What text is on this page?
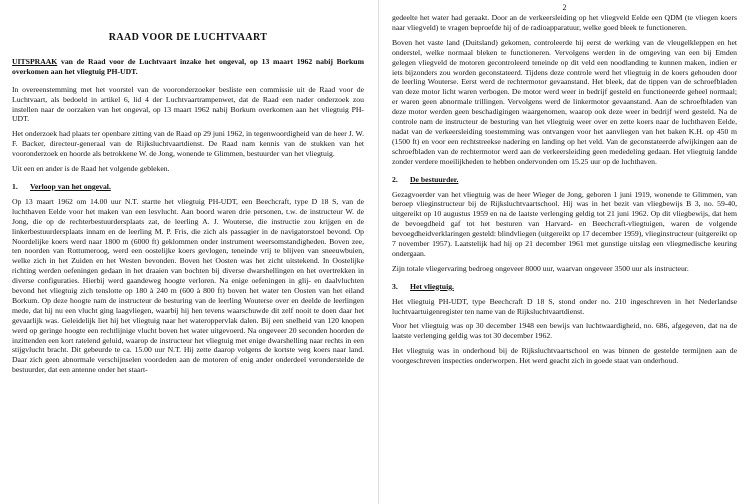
RAAD VOOR DE LUCHTVAART

UITSPRAAK van de Raad voor de Luchtvaart inzake het ongeval, op 13 maart 1962 nabij Borkum overkomen aan het vliegtuig PH-UDT.

In overeenstemming met het voorstel van de vooronderzoeker besliste een commissie uit de Raad voor de Luchtvaart, als bedoeld in artikel 6, lid 4 der Luchtvaartrampenwet, dat de Raad een nader onderzoek zou instellen naar de oorzaken van het ongeval, op 13 maart 1962 nabij Borkum overkomen aan het vliegtuig PH-UDT.

Het onderzoek had plaats ter openbare zitting van de Raad op 29 juni 1962, in tegenwoordigheid van de heer J. W. F. Backer, directeur-generaal van de Rijksluchtvaartdienst. De Raad nam kennis van de stukken van het vooronderzoek en hoorde als betrokkene W. de Jong, wonende te Glimmen, bestuurder van het vliegtuig.

Uit een en ander is de Raad het volgende gebleken.

1. Verloop van het ongeval.

Op 13 maart 1962 om 14.00 uur N.T. startte het vliegtuig PH-UDT, een Beechcraft, type D 18 S, van de luchthaven Eelde voor het maken van een lesvlucht. Aan boord waren drie personen, t.w. de instructeur W. de Jong, die op de rechterbestuurdersplaats zat, de leerling A. J. Wouterse, die instructie zou krijgen en de linkerbestuurdersplaats innam en de leerling M. P. Fris, die zich als passagier in de navigatorstoel bevond. Op Noordelijke koers werd naar 1800 m (6000 ft) geklommen onder instrument weersomstandigheden. Boven zee, ten noorden van Rottumeroog, werd een oostelijke koers gevlogen, teneinde vrij te blijven van sneeuwbuien, welke zich in het Zuiden en het Westen bevonden. Boven het Oosten was het zicht uitstekend. In Oostelijke richting werden oefeningen gedaan in het draaien van bochten bij diverse dwarshellingen en het overtrekken in diverse configuraties. Hierbij werd gaandeweg hoogte verloren. Na enige oefeningen in glij- en daalvluchten bevond het vliegtuig zich tenslotte op 180 à 240 m (600 à 800 ft) boven het water ten Oosten van het eiland Borkum. Op deze hoogte nam de instructeur de besturing van de leerling Wouterse over en deelde de leerlingen mede, dat hij nu een vlucht ging laagvliegen, waarbij hij hen tevens waarschuwde dit zelf nooit te doen daar het gevaarlijk was. Geleidelijk liet hij het vliegtuig naar het wateroppervlak dalen. Bij een snelheid van 120 knopen werd op geringe hoogte een rechtlijnige vlucht boven het water uitgevoerd. Na ongeveer 20 seconden hoorden de inzittenden een kort ratelend geluid, waarop de instructeur het vliegtuig met enige dwarshelling naar rechts in een stijgvlucht bracht. Dit gebeurde te ca. 15.00 uur N.T. Hij zette daarop volgens de kortste weg koers naar land. Daar zich geen abnormale verschijnselen voordeden aan de motoren of enig ander onderdeel veronderstelde de bestuurder, dat een antenne onder het staart-

2

gedeelte het water had geraakt. Door an de verkeersleiding op het vliegveld Eelde een QDM (te vliegen koers naar vliegveld) te vragen beproefde hij of de radioapparatuur, welke goed bleek te functioneren.

Boven het vaste land (Duitsland) gekomen, controleerde hij eerst de werking van de vleugelkleppen en het onderstel, welke normaal bleken te functioneren. Vervolgens werden in de omgeving van een bij Emden gelegen vliegveld de motoren gecontroleerd teneinde op dit veld een noodlanding te kunnen maken, indien er iets bijzonders zou worden geconstateerd. Tijdens deze controle werd het vliegtuig in de koers gehouden door de leerling Wouterse. Eerst werd de rechtermotor gevaanstand. Het bleek, dat de tippen van de schroefbladen van deze motor licht waren verbogen. De motor werd weer in bedrijf gesteld en functioneerde geheel normaal; er waren geen abnormale trillingen. Vervolgens werd de linkermotor gevaanstand. Aan de schroefbladen van deze motor werden geen beschadigingen waargenomen, waarop ook deze weer in bedrijf werd gesteld. Na de controle nam de instructeur de besturing van het vliegtuig weer over en zette koers naar de luchthaven Eelde, nadat van de verkeersleiding toestemming was ontvangen voor het aanvliegen van het baken K.H. op 450 m (1500 ft) en voor een rechtstreekse nadering en landing op het veld. Van de geconstateerde afwijkingen aan de schroefbladen van de rechtermotor werd aan de verkeersleiding geen mededeling gedaan. Het vliegtuig landde zonder verdere moeilijkheden te hebben ondervonden om 15.25 uur op de luchthaven.

2. De bestuurder.

Gezagvoerder van het vliegtuig was de heer Wieger de Jong, geboren 1 juni 1919, wonende te Glimmen, van beroep vlieginstructeur bij de Rijksluchtvaartschool. Hij was in het bezit van vliegbewijs B 3, no. 59-40, uitgereikt op 10 augustus 1959 en na de laatste verlenging geldig tot 21 juni 1962. Op dit vliegbewijs, dat hem de bevoegdheid gaf tot het besturen van Harvard- en Beechcraft-vliegtuigen, waren de volgende bevoegdheidverklaringen gesteld: blindvliegen (uitgereikt op 17 december 1959), vlieginstructeur (uitgereikt op 7 november 1957). Laatstelijk had hij op 21 december 1961 met gunstige uitslag een vliegmedische keuring ondergaan.

Zijn totale vliegervaring bedroeg ongeveer 8000 uur, waarvan ongeveer 3500 uur als instructeur.

3. Het vliegtuig.

Het vliegtuig PH-UDT, type Beechcraft D 18 S, stond onder no. 210 ingeschreven in het Nederlandse luchtvaartuigenregister ten name van de Rijksluchtvaartdienst.

Voor het vliegtuig was op 30 december 1948 een bewijs van luchtwaardigheid, no. 686, afgegeven, dat na de laatste verlenging geldig was tot 30 december 1962.

Het vliegtuig was in onderhoud bij de Rijksluchtvaartschool en was binnen de gestelde termijnen aan de voorgeschreven inspecties onderworpen. Het werd geacht zich in goede staat van onderhoud.
